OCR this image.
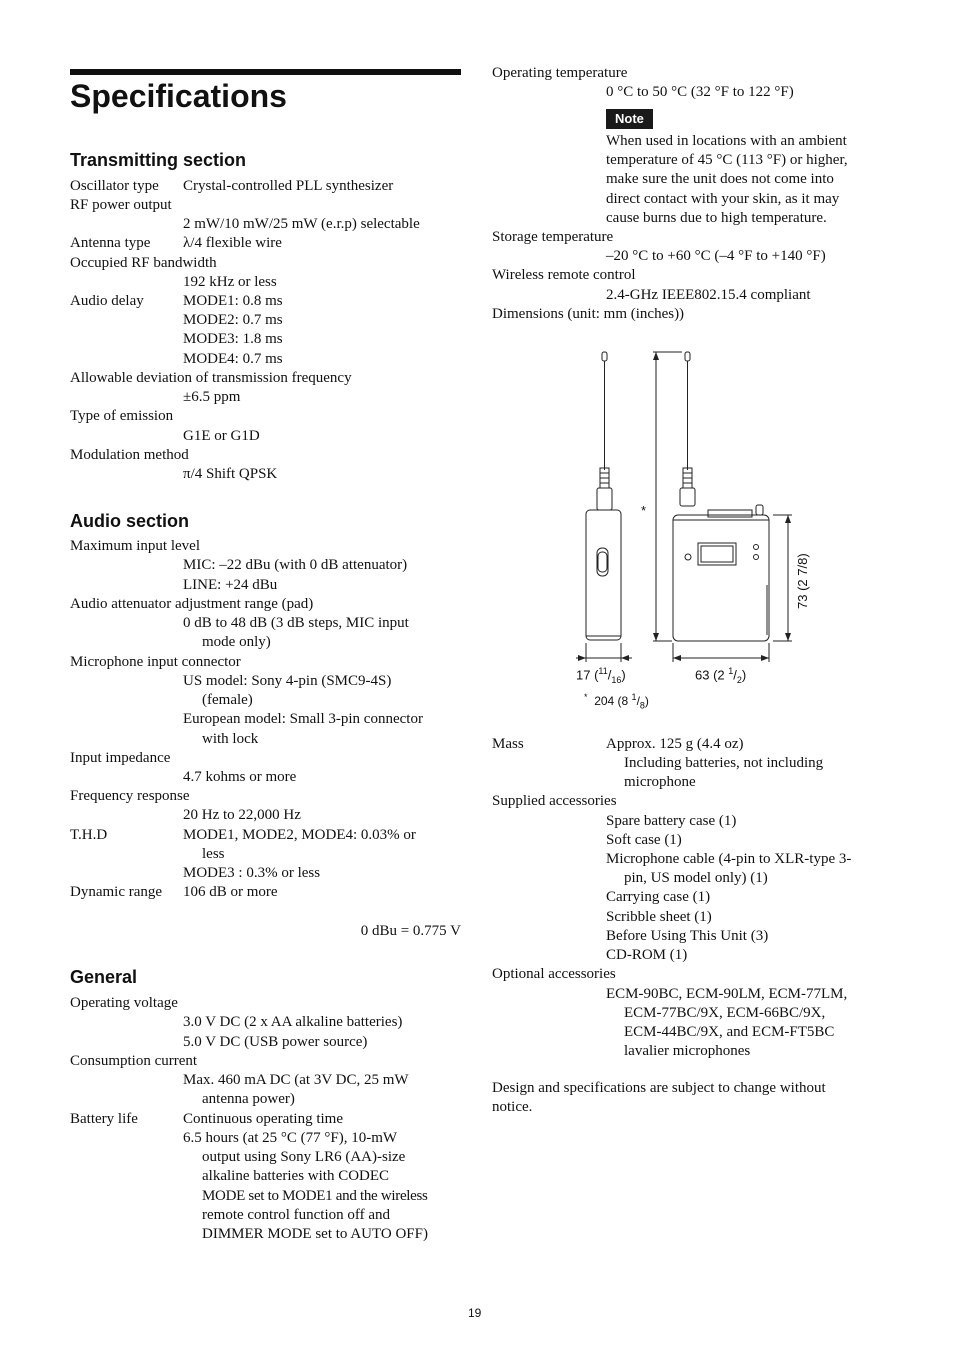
Specifications
Transmitting section
Oscillator type Crystal-controlled PLL synthesizer
RF power output
2 mW/10 mW/25 mW (e.r.p) selectable
Antenna type λ/4 flexible wire
Occupied RF bandwidth
192 kHz or less
Audio delay	MODE1: 0.8 ms
MODE2: 0.7 ms
MODE3: 1.8 ms
MODE4: 0.7 ms
Allowable deviation of transmission frequency
±6.5 ppm
Type of emission
G1E or G1D
Modulation method
π/4 Shift QPSK
Audio section
Maximum input level
MIC: –22 dBu (with 0 dB attenuator)
LINE: +24 dBu
Audio attenuator adjustment range (pad)
0 dB to 48 dB (3 dB steps, MIC input
mode only)
Microphone input connector
US model: Sony 4-pin (SMC9-4S)
(female)
European model: Small 3-pin connector
with lock
Input impedance
4.7 kohms or more
Frequency response
20 Hz to 22,000 Hz
T.H.D	MODE1, MODE2, MODE4: 0.03% or
less
MODE3 : 0.3% or less
Dynamic range 106 dB or more
0 dBu = 0.775 V
General
Operating voltage
3.0 V DC (2 x AA alkaline batteries)
5.0 V DC (USB power source)
Consumption current
Max. 460 mA DC (at 3V DC, 25 mW
antenna power)
Battery life	Continuous operating time
6.5 hours (at 25 °C (77 °F), 10-mW
output using Sony LR6 (AA)-size
alkaline batteries with CODEC
MODE set to MODE1 and the wireless
remote control function off and
DIMMER MODE set to AUTO OFF)
Operating temperature
0 °C to 50 °C (32 °F to 122 °F)
Note
When used in locations with an ambient
temperature of 45 °C (113 °F) or higher,
make sure the unit does not come into
direct contact with your skin, as it may
cause burns due to high temperature.
Storage temperature
–20 °C to +60 °C (–4 °F to +140 °F)
Wireless remote control
2.4-GHz IEEE802.15.4 compliant
Dimensions (unit: mm (inches))
*
73 (2 7/8)
17 $(^{11}/_{16})$	63 (2 $^1/_2$)
* 204 (8 $^1/_8$)
Mass	Approx. 125 g (4.4 oz)
Including batteries, not including
microphone
Supplied accessories
Spare battery case (1)
Soft case (1)
Microphone cable (4-pin to XLR-type 3-
pin, US model only) (1)
Carrying case (1)
Scribble sheet (1)
Before Using This Unit (3)
CD-ROM (1)
Optional accessories
ECM-90BC, ECM-90LM, ECM-77LM,
ECM-77BC/9X, ECM-66BC/9X,
ECM-44BC/9X, and ECM-FT5BC
lavalier microphones
Design and specifications are subject to change without
notice.
19
